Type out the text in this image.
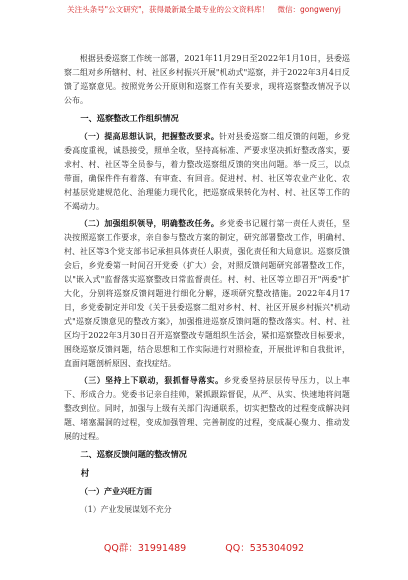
关注头条号"公文研究"，获得最新最全最专业的公文资料库！ 微信：gongwenyj

根据县委巡察工作统一部署，2021年11月29日至2022年1月10日，县委巡察二组对乡所辖村、村、社区乡村振兴开展"机动式"巡察，并于2022年3月4日反馈了巡察意见。按照党务公开原则和巡察工作有关要求，现将巡察整改情况予以公布。

一、巡察整改工作组织情况

（一）提高思想认识，把握整改要求。针对县委巡察二组反馈的问题，乡党委高度重视，诚恳接受，照单全收，坚持高标准、严要求坚决抓好整改落实，要求村、村、社区等全员参与，着力整改巡察组反馈的突出问题。举一反三，以点带面，确保件件有着落、有审查、有回音。促进村、村、社区等农业产业化、农村基层党建规范化、治理能力现代化，把巡察成果转化为村、村、社区等工作的不竭动力。

（二）加强组织领导，明确整改任务。乡党委书记履行第一责任人责任，坚决按照巡察工作要求，亲自参与整改方案的制定，研究部署整改工作，明确村、村、社区等3个党支部书记承担具体责任人职责，强化责任和大局意识。巡察反馈会后，乡党委第一时间召开党委（扩大）会，对照反馈问题研究部署整改工作，以"嵌入式"监督落实巡察整改日常监督责任。村、村、社区等立即召开"两委"扩大化，分别将巡察反馈问题进行细化分解，逐项研究整改措施。2022年4月17日，乡党委制定并印发《关于县委巡察二组对乡村、村、社区开展乡村振兴"机动式"巡察反馈意见的整改方案》，加强推进巡察反馈问题的整改落实。村、村、社区均于2022年3月30日召开巡察整改专题组织生活会，紧扣巡察整改目标要求，围绕巡察反馈问题，结合思想和工作实际进行对照检查，开展批评和自我批评，直面问题剖析原因、查找症结。

（三）坚持上下联动，狠抓督导落实。乡党委坚持层层传导压力，以上率下、形成合力。党委书记亲自挂帅，紧抓跟踪督促，从严、从实、快速地将问题整改到位。同时，加强与上级有关部门沟通联系，切实把整改的过程变成解决问题、堵塞漏洞的过程，变成加强管理、完善制度的过程，变成凝心聚力、推动发展的过程。

二、巡察反馈问题的整改情况
村
（一）产业兴旺方面
（1）产业发展谋划不充分
QQ群：31991489	QQ：535304092
